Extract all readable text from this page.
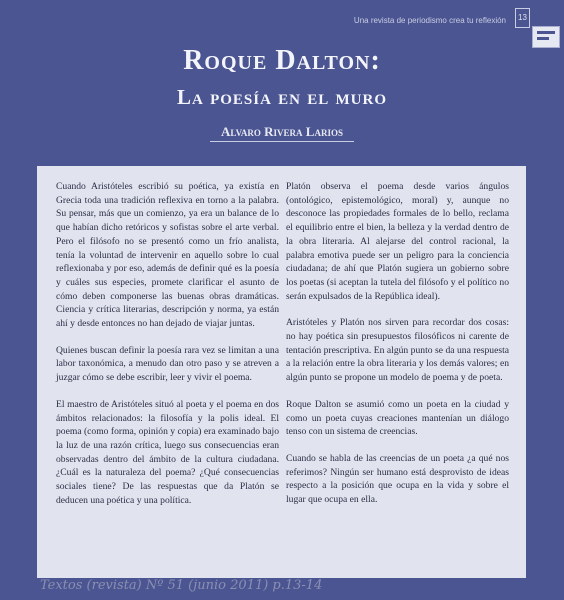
Una revista de periodismo crea tu reflexión	13
Roque Dalton:
La poesía en el muro
Alvaro Rivera Larios

Cuando Aristóteles escribió su poética, ya existía en Grecia toda una tradición reflexiva en torno a la palabra. Su pensar, más que un comienzo, ya era un balance de lo que habían dicho retóricos y sofistas sobre el arte verbal. Pero el filósofo no se presentó como un frío analista, tenía la voluntad de intervenir en aquello sobre lo cual reflexionaba y por eso, además de definir qué es la poesía y cuáles sus especies, promete clarificar el asunto de cómo deben componerse las buenas obras dramáticas. Ciencia y crítica literarias, descripción y norma, ya están ahí y desde entonces no han dejado de viajar juntas.

Quienes buscan definir la poesía rara vez se limitan a una labor taxonómica, a menudo dan otro paso y se atreven a juzgar cómo se debe escribir, leer y vivir el poema.

El maestro de Aristóteles situó al poeta y el poema en dos ámbitos relacionados: la filosofía y la polis ideal. El poema (como forma, opinión y copia) era examinado bajo la luz de una razón crítica, luego sus consecuencias eran observadas dentro del ámbito de la cultura ciudadana. ¿Cuál es la naturaleza del poema? ¿Qué consecuencias sociales tiene? De las respuestas que da Platón se deducen una poética y una política.

Platón observa el poema desde varios ángulos (ontológico, epistemológico, moral) y, aunque no desconoce las propiedades formales de lo bello, reclama el equilibrio entre el bien, la belleza y la verdad dentro de la obra literaria. Al alejarse del control racional, la palabra emotiva puede ser un peligro para la conciencia ciudadana; de ahí que Platón sugiera un gobierno sobre los poetas (si aceptan la tutela del filósofo y el político no serán expulsados de la República ideal).

Aristóteles y Platón nos sirven para recordar dos cosas: no hay poética sin presupuestos filosóficos ni carente de tentación prescriptiva. En algún punto se da una respuesta a la relación entre la obra literaria y los demás valores; en algún punto se propone un modelo de poema y de poeta.

Roque Dalton se asumió como un poeta en la ciudad y como un poeta cuyas creaciones mantenían un diálogo tenso con un sistema de creencias.

Cuando se habla de las creencias de un poeta ¿a qué nos referimos? Ningún ser humano está desprovisto de ideas respecto a la posición que ocupa en la vida y sobre el lugar que ocupa en ella.

Textos (revista) Nº 51 (junio 2011) p.13-14
